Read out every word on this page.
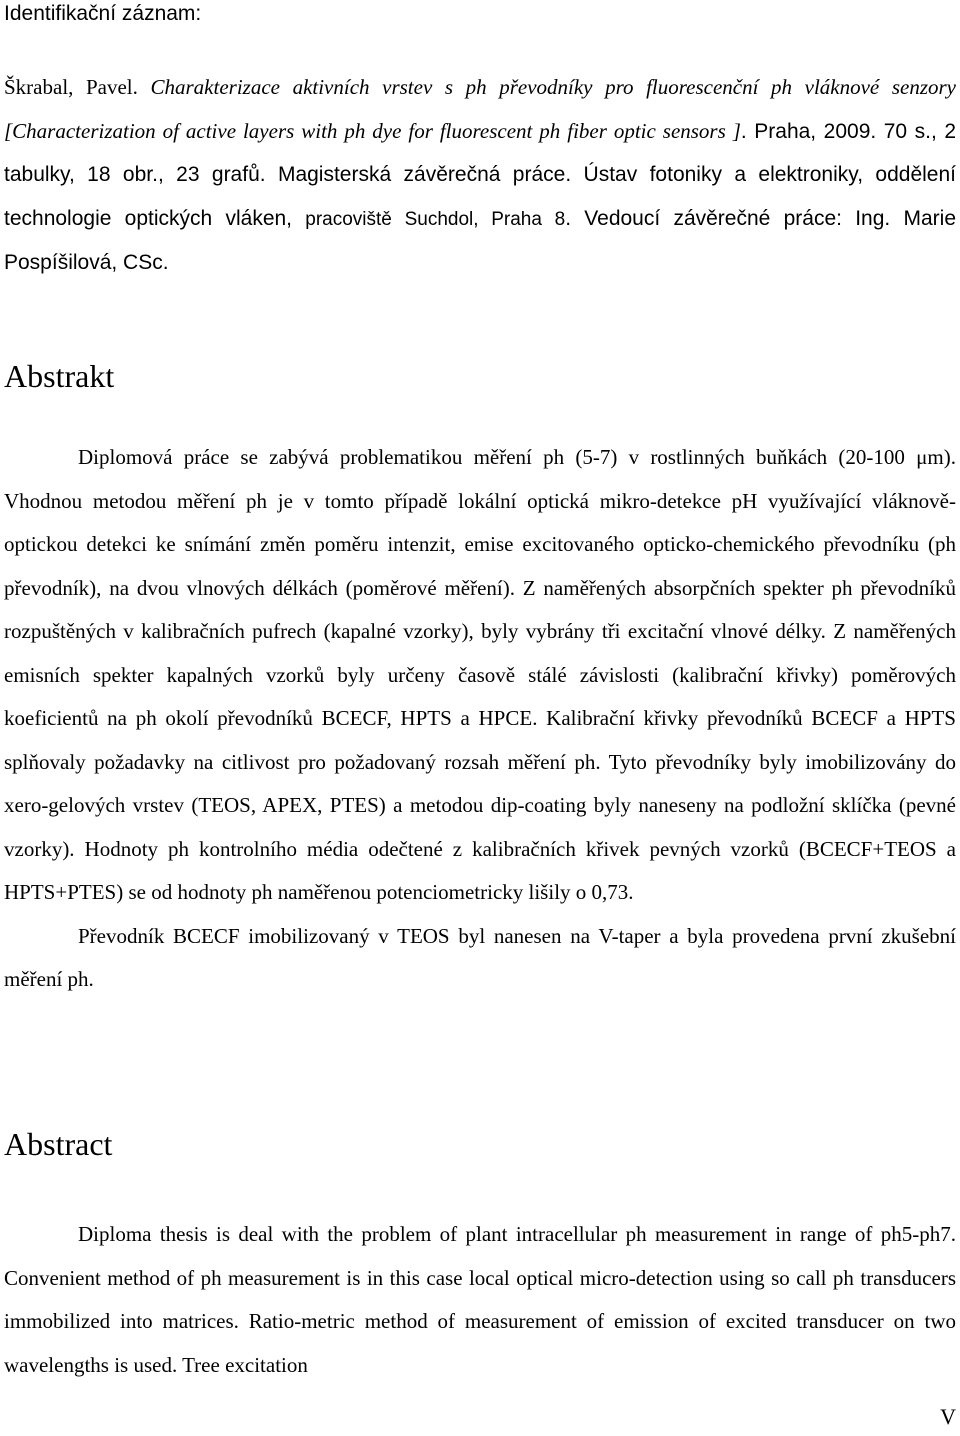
Identifikační záznam:

Škrabal, Pavel. Charakterizace aktivních vrstev s ph převodníky pro fluorescenční ph vláknové senzory [Characterization of active layers with ph dye for fluorescent ph fiber optic sensors ]. Praha, 2009. 70 s., 2 tabulky, 18 obr., 23 grafů. Magisterská závěrečná práce. Ústav fotoniky a elektroniky, oddělení technologie optických vláken, pracoviště Suchdol, Praha 8. Vedoucí závěrečné práce: Ing. Marie Pospíšilová, CSc.

Abstrakt

Diplomová práce se zabývá problematikou měření ph (5-7) v rostlinných buňkách (20-100 μm). Vhodnou metodou měření ph je v tomto případě lokální optická mikro-detekce pH využívající vláknově-optickou detekci ke snímání změn poměru intenzit, emise excitovaného opticko-chemického převodníku (ph převodník), na dvou vlnových délkách (poměrové měření). Z naměřených absorpčních spekter ph převodníků rozpuštěných v kalibračních pufrech (kapalné vzorky), byly vybrány tři excitační vlnové délky. Z naměřených emisních spekter kapalných vzorků byly určeny časově stálé závislosti (kalibrační křivky) poměrových koeficientů na ph okolí převodníků BCECF, HPTS a HPCE. Kalibrační křivky převodníků BCECF a HPTS splňovaly požadavky na citlivost pro požadovaný rozsah měření ph. Tyto převodníky byly imobilizovány do xero-gelových vrstev (TEOS, APEX, PTES) a metodou dip-coating byly naneseny na podložní sklíčka (pevné vzorky). Hodnoty ph kontrolního média odečtené z kalibračních křivek pevných vzorků (BCECF+TEOS a HPTS+PTES) se od hodnoty ph naměřenou potenciometricky lišily o 0,73.

Převodník BCECF imobilizovaný v TEOS byl nanesen na V-taper a byla provedena první zkušební měření ph.

Abstract

Diploma thesis is deal with the problem of plant intracellular ph measurement in range of ph5-ph7. Convenient method of ph measurement is in this case local optical micro-detection using so call ph transducers immobilized into matrices. Ratio-metric method of measurement of emission of excited transducer on two wavelengths is used. Tree excitation

V
